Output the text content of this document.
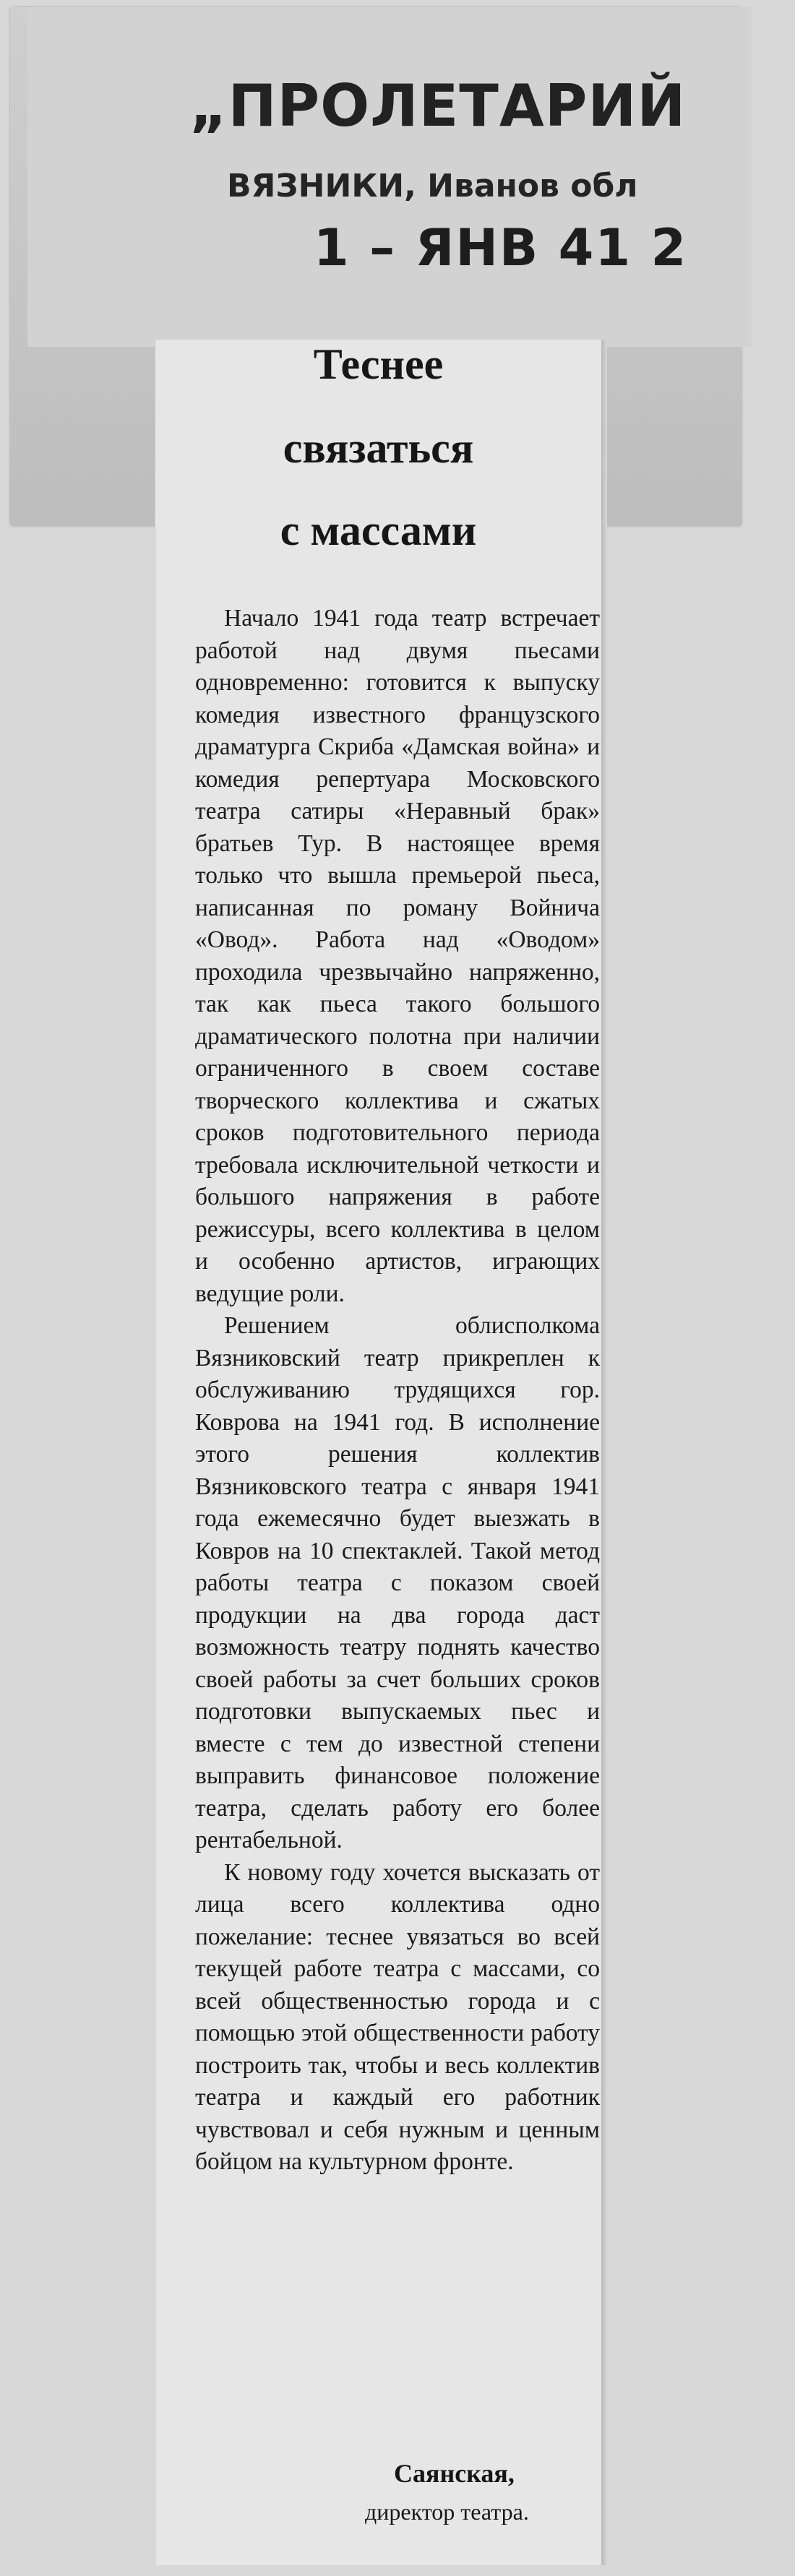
„ПРОЛЕТАРИЙ
ВЯЗНИКИ, Иванов обл
1 – ЯНВ 41 2
Теснее
связаться
с массами

Начало 1941 года театр встречает работой над двумя пьесами одновременно: готовится к выпуску комедия известного французского драматурга Скриба «Дамская война» и комедия репертуара Московского театра сатиры «Неравный брак» братьев Тур. В настоящее время только что вышла премьерой пьеса, написанная по роману Войнича «Овод». Работа над «Оводом» проходила чрезвычайно напряженно, так как пьеса такого большого драматического полотна при наличии ограниченного в своем составе творческого коллектива и сжатых сроков подготовительного периода требовала исключительной четкости и большого напряжения в работе режиссуры, всего коллектива в целом и особенно артистов, играющих ведущие роли.

Решением облисполкома Вязниковский театр прикреплен к обслуживанию трудящихся гор. Коврова на 1941 год. В исполнение этого решения коллектив Вязниковского театра с января 1941 года ежемесячно будет выезжать в Ковров на 10 спектаклей. Такой метод работы театра с показом своей продукции на два города даст возможность театру поднять качество своей работы за счет больших сроков подготовки выпускаемых пьес и вместе с тем до известной степени выправить финансовое положение театра, сделать работу его более рентабельной.

К новому году хочется высказать от лица всего коллектива одно пожелание: теснее увязаться во всей текущей работе театра с массами, со всей общественностью города и с помощью этой общественности работу построить так, чтобы и весь коллектив театра и каждый его работник чувствовал и себя нужным и ценным бойцом на культурном фронте.

Саянская,
директор театра.
